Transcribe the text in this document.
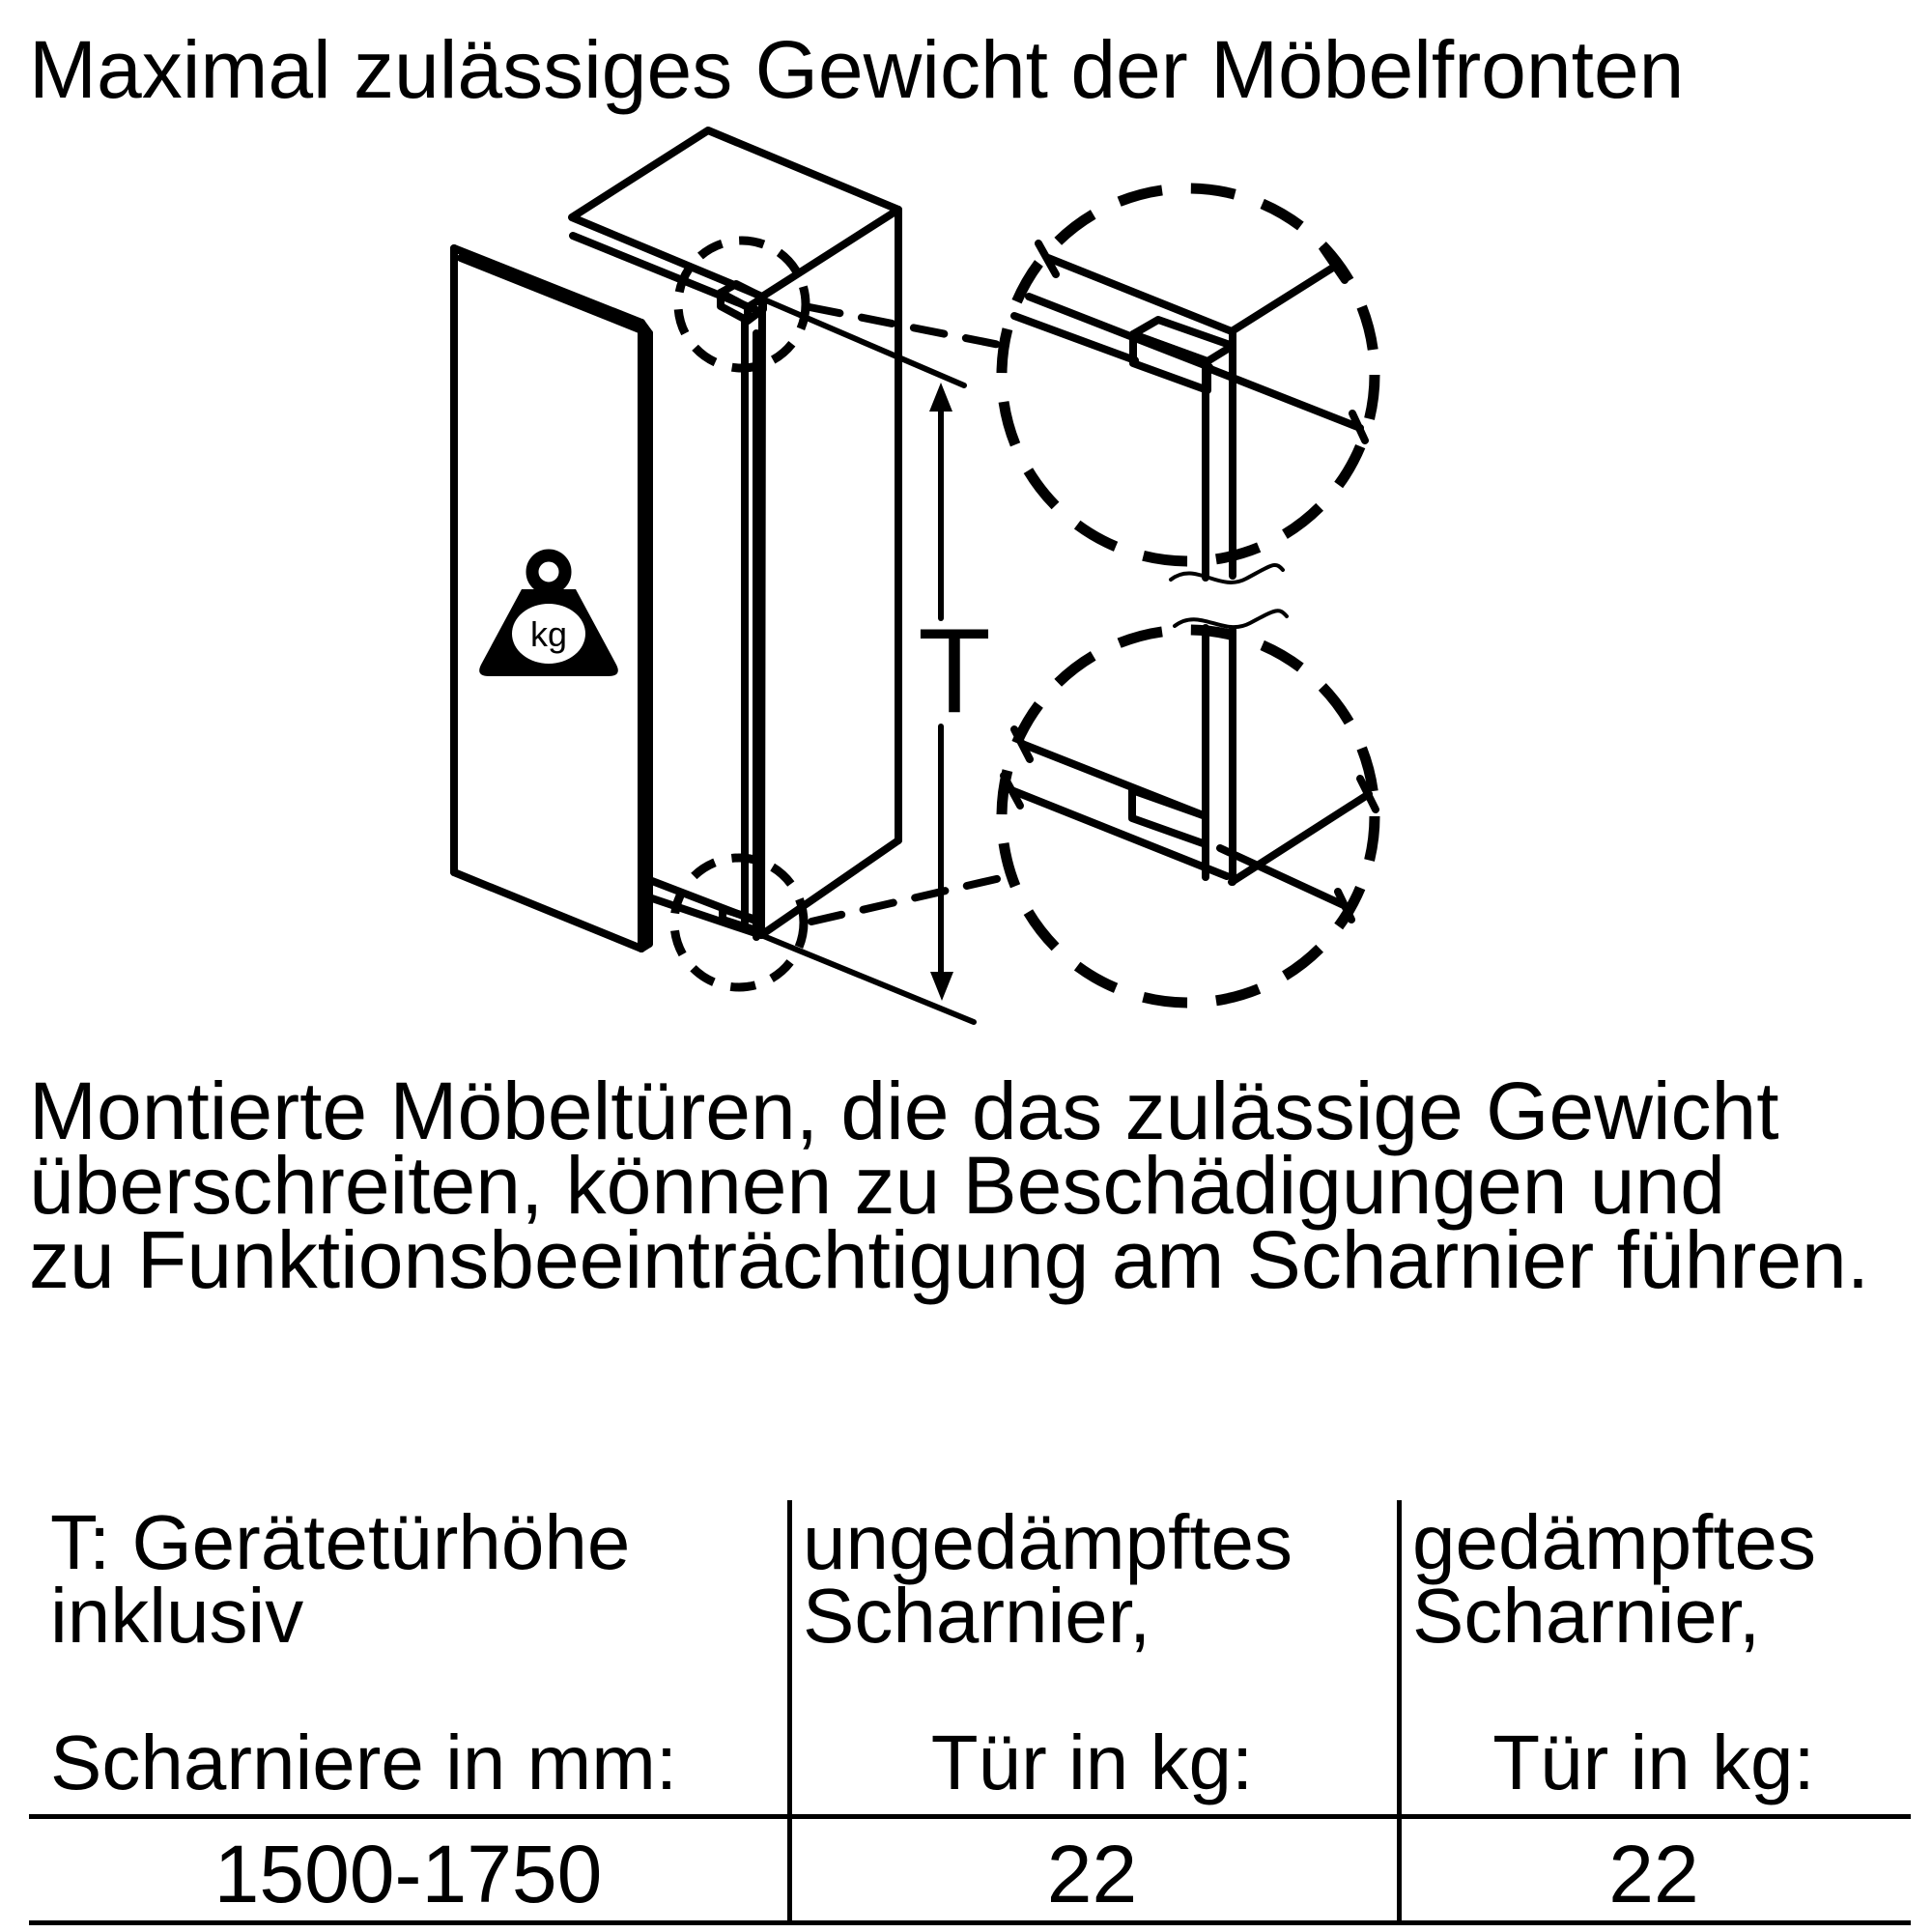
Maximal zulässiges Gewicht der Möbelfronten
kg	T
Montierte Möbeltüren, die das zulässige Gewicht
überschreiten, können zu Beschädigungen und
zu Funktionsbeeinträchtigung am Scharnier führen.
T: Gerätetürhöhe
inklusiv

Scharniere in mm:
1500-1750
ungedämpftes
Scharnier,

Tür in kg:
22
gedämpftes
Scharnier,

Tür in kg:
22
